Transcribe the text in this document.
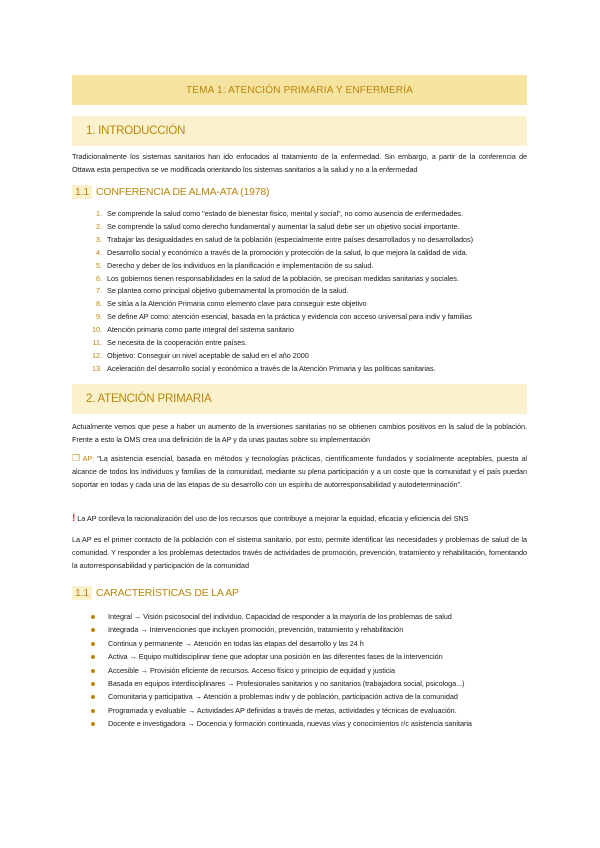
TEMA 1: ATENCIÓN PRIMARIA Y ENFERMERÍA
1. INTRODUCCIÓN
Tradicionalmente los sistemas sanitarios han ido enfocados al tratamiento de la enfermedad. Sin embargo, a partir de la conferencia de Ottawa esta perspectiva se ve modificada orientando los sistemas sanitarios a la salud y no a la enfermedad
1.1 CONFERENCIA DE ALMA-ATA (1978)
1. Se comprende la salud como "estado de bienestar físico, mental y social", no como ausencia de enfermedades.
2. Se comprende la salud como derecho fundamental y aumentar la salud debe ser un objetivo social importante.
3. Trabajar las desigualdades en salud de la población (especialmente entre países desarrollados y no desarrollados)
4. Desarrollo social y económico a través de la promoción y protección de la salud, lo que mejora la calidad de vida.
5. Derecho y deber de los individuos en la planificación e implementación de su salud.
6. Los gobiernos tienen responsabilidades en la salud de la población, se precisan medidas sanitarias y sociales.
7. Se plantea como principal objetivo gubernamental la promoción de la salud.
8. Se sitúa a la Atención Primaria como elemento clave para conseguir este objetivo
9. Se define AP como: atención esencial, basada en la práctica y evidencia con acceso universal para indiv y familias
10. Atención primaria como parte integral del sistema sanitario
11. Se necesita de la cooperación entre países.
12. Objetivo: Conseguir un nivel aceptable de salud en el año 2000
13. Aceleración del desarrollo social y económico a través de la Atención Primaria y las políticas sanitarias.
2. ATENCIÓN PRIMARIA
Actualmente vemos que pese a haber un aumento de la inversiones sanitarias no se obtienen cambios positivos en la salud de la población. Frente a esto la OMS crea una definición de la AP y da unas pautas sobre su implementación
❒ AP: "La asistencia esencial, basada en métodos y tecnologías prácticas, científicamente fundados y socialmente aceptables, puesta al alcance de todos los individuos y familias de la comunidad, mediante su plena participación y a un coste que la comunidad y el país puedan soportar en todas y cada una de las etapas de su desarrollo con un espíritu de autorresponsabilidad y autodeterminación".
! La AP conlleva la racionalización del uso de los recursos que contribuye a mejorar la equidad, eficacia y eficiencia del SNS
La AP es el primer contacto de la población con el sistema sanitario, por esto, permite identificar las necesidades y problemas de salud de la comunidad. Y responder a los problemas detectados través de actividades de promoción, prevención, tratamiento y rehabilitación, fomentando la autorresponsabilidad y participación de la comunidad
1.1 CARACTERÍSTICAS DE LA AP
Integral → Visión psicosocial del individuo. Capacidad de responder a la mayoría de los problemas de salud
Integrada → Intervenciones que incluyen promoción, prevención, tratamiento y rehabilitación
Continua y permanente → Atención en todas las etapas del desarrollo y las 24 h
Activa → Equipo multidisciplinar tiene que adoptar una posición en las diferentes fases de la intervención
Accesible → Provisión eficiente de recursos. Acceso físico y principio de equidad y justicia
Basada en equipos interdisciplinares → Profesionales sanitarios y no sanitarios (trabajadora social, psicologa...)
Comunitaria y participativa → Atención a problemas indiv y de población, participación activa de la comunidad
Programada y evaluable → Actividades AP definidas a través de metas, actividades y técnicas de evaluación.
Docente e investigadora → Docencia y formación continuada, nuevas vías y conocimientos r/c asistencia sanitaria
